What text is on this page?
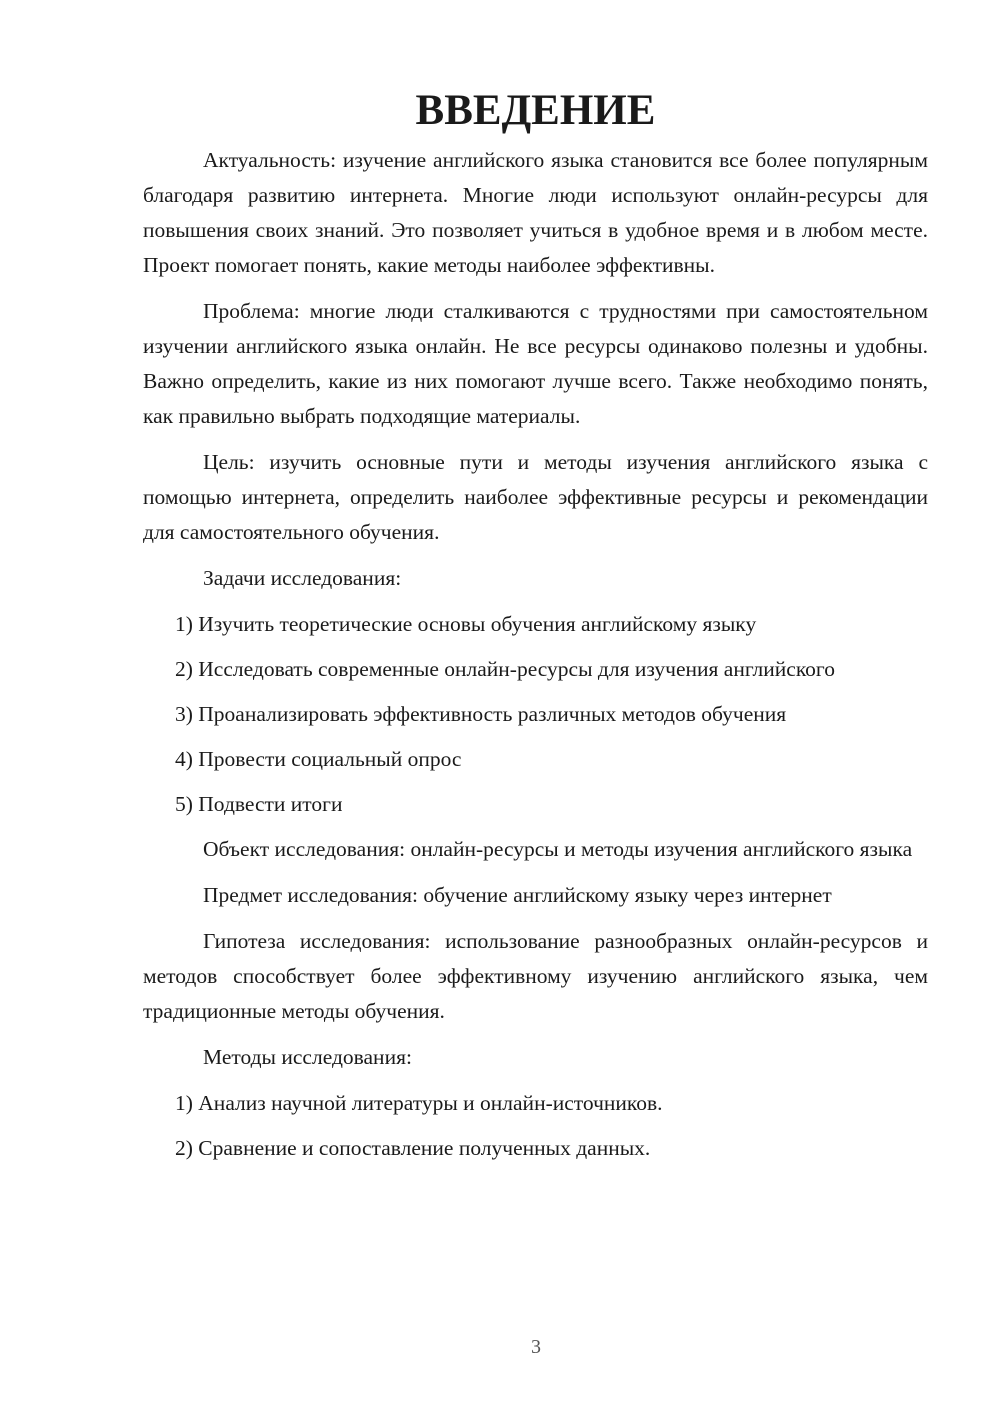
ВВЕДЕНИЕ

Актуальность: изучение английского языка становится все более популярным благодаря развитию интернета. Многие люди используют онлайн-ресурсы для повышения своих знаний. Это позволяет учиться в удобное время и в любом месте. Проект помогает понять, какие методы наиболее эффективны.

Проблема: многие люди сталкиваются с трудностями при самостоятельном изучении английского языка онлайн. Не все ресурсы одинаково полезны и удобны. Важно определить, какие из них помогают лучше всего. Также необходимо понять, как правильно выбрать подходящие материалы.

Цель: изучить основные пути и методы изучения английского языка с помощью интернета, определить наиболее эффективные ресурсы и рекомендации для самостоятельного обучения.

Задачи исследования:

1) Изучить теоретические основы обучения английскому языку

2) Исследовать современные онлайн-ресурсы для изучения английского

3) Проанализировать эффективность различных методов обучения

4) Провести социальный опрос

5) Подвести итоги

Объект исследования: онлайн-ресурсы и методы изучения английского языка

Предмет исследования: обучение английскому языку через интернет

Гипотеза исследования: использование разнообразных онлайн-ресурсов и методов способствует более эффективному изучению английского языка, чем традиционные методы обучения.

Методы исследования:

1) Анализ научной литературы и онлайн-источников.

2) Сравнение и сопоставление полученных данных.

3
